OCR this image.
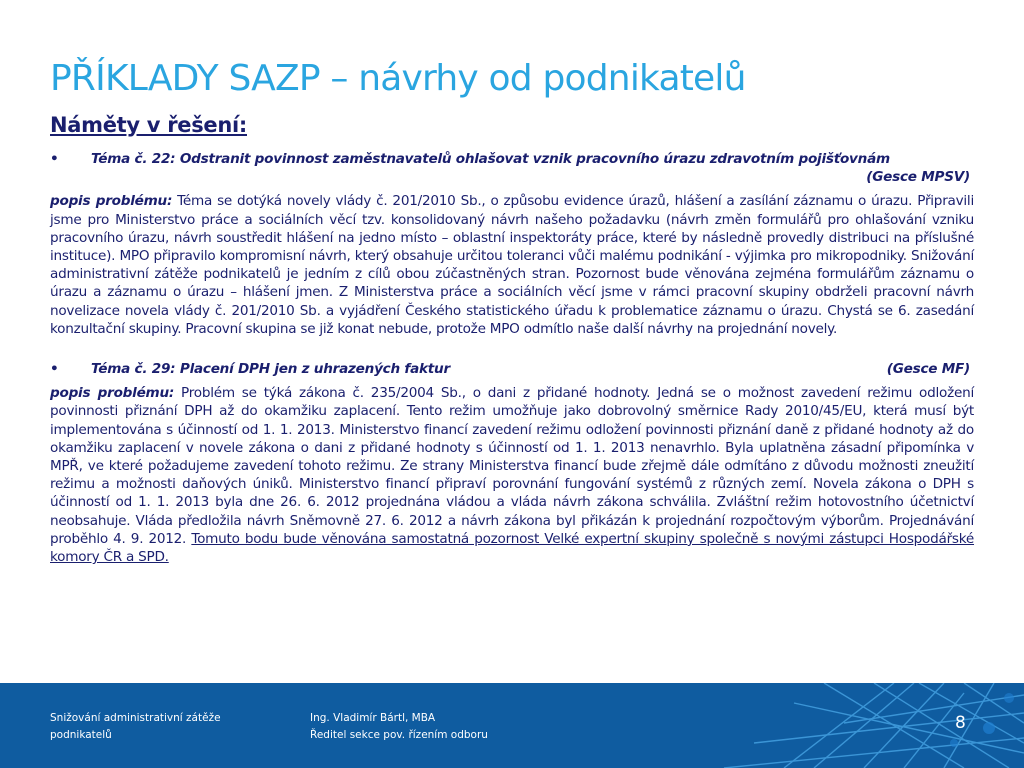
PŘÍKLADY SAZP – návrhy od podnikatelů
Náměty v řešení:
• Téma č. 22: Odstranit povinnost zaměstnavatelů ohlašovat vznik pracovního úrazu zdravotním pojišťovnám
(Gesce MPSV)

popis problému: Téma se dotýká novely vlády č. 201/2010 Sb., o způsobu evidence úrazů, hlášení a zasílání záznamu o úrazu. Připravili jsme pro Ministerstvo práce a sociálních věcí tzv. konsolidovaný návrh našeho požadavku (návrh změn formulářů pro ohlašování vzniku pracovního úrazu, návrh soustředit hlášení na jedno místo – oblastní inspektoráty práce, které by následně provedly distribuci na příslušné instituce). MPO připravilo kompromisní návrh, který obsahuje určitou toleranci vůči malému podnikání - výjimka pro mikropodniky. Snižování administrativní zátěže podnikatelů je jedním z cílů obou zúčastněných stran. Pozornost bude věnována zejména formulářům záznamu o úrazu a záznamu o úrazu – hlášení jmen. Z Ministerstva práce a sociálních věcí jsme v rámci pracovní skupiny obdrželi pracovní návrh novelizace novela vlády č. 201/2010 Sb. a vyjádření Českého statistického úřadu k problematice záznamu o úrazu. Chystá se 6. zasedání konzultační skupiny. Pracovní skupina se již konat nebude, protože MPO odmítlo naše další návrhy na projednání novely.

• Téma č. 29: Placení DPH jen z uhrazených faktur	(Gesce MF)

popis problému: Problém se týká zákona č. 235/2004 Sb., o dani z přidané hodnoty. Jedná se o možnost zavedení režimu odložení povinnosti přiznání DPH až do okamžiku zaplacení. Tento režim umožňuje jako dobrovolný směrnice Rady 2010/45/EU, která musí být implementována s účinností od 1. 1. 2013. Ministerstvo financí zavedení režimu odložení povinnosti přiznání daně z přidané hodnoty až do okamžiku zaplacení v novele zákona o dani z přidané hodnoty s účinností od 1. 1. 2013 nenavrhlo. Byla uplatněna zásadní připomínka v MPŘ, ve které požadujeme zavedení tohoto režimu. Ze strany Ministerstva financí bude zřejmě dále odmítáno z důvodu možnosti zneužití režimu a možnosti daňových úniků. Ministerstvo financí připraví porovnání fungování systémů z různých zemí. Novela zákona o DPH s účinností od 1. 1. 2013 byla dne 26. 6. 2012 projednána vládou a vláda návrh zákona schválila. Zvláštní režim hotovostního účetnictví neobsahuje. Vláda předložila návrh Sněmovně 27. 6. 2012 a návrh zákona byl přikázán k projednání rozpočtovým výborům. Projednávání proběhlo 4. 9. 2012. Tomuto bodu bude věnována samostatná pozornost Velké expertní skupiny společně s novými zástupci Hospodářské komory ČR a SPD.

Snižování administrativní zátěže
podnikatelů
Ing. Vladimír Bártl, MBA
Ředitel sekce pov. řízením odboru
8
